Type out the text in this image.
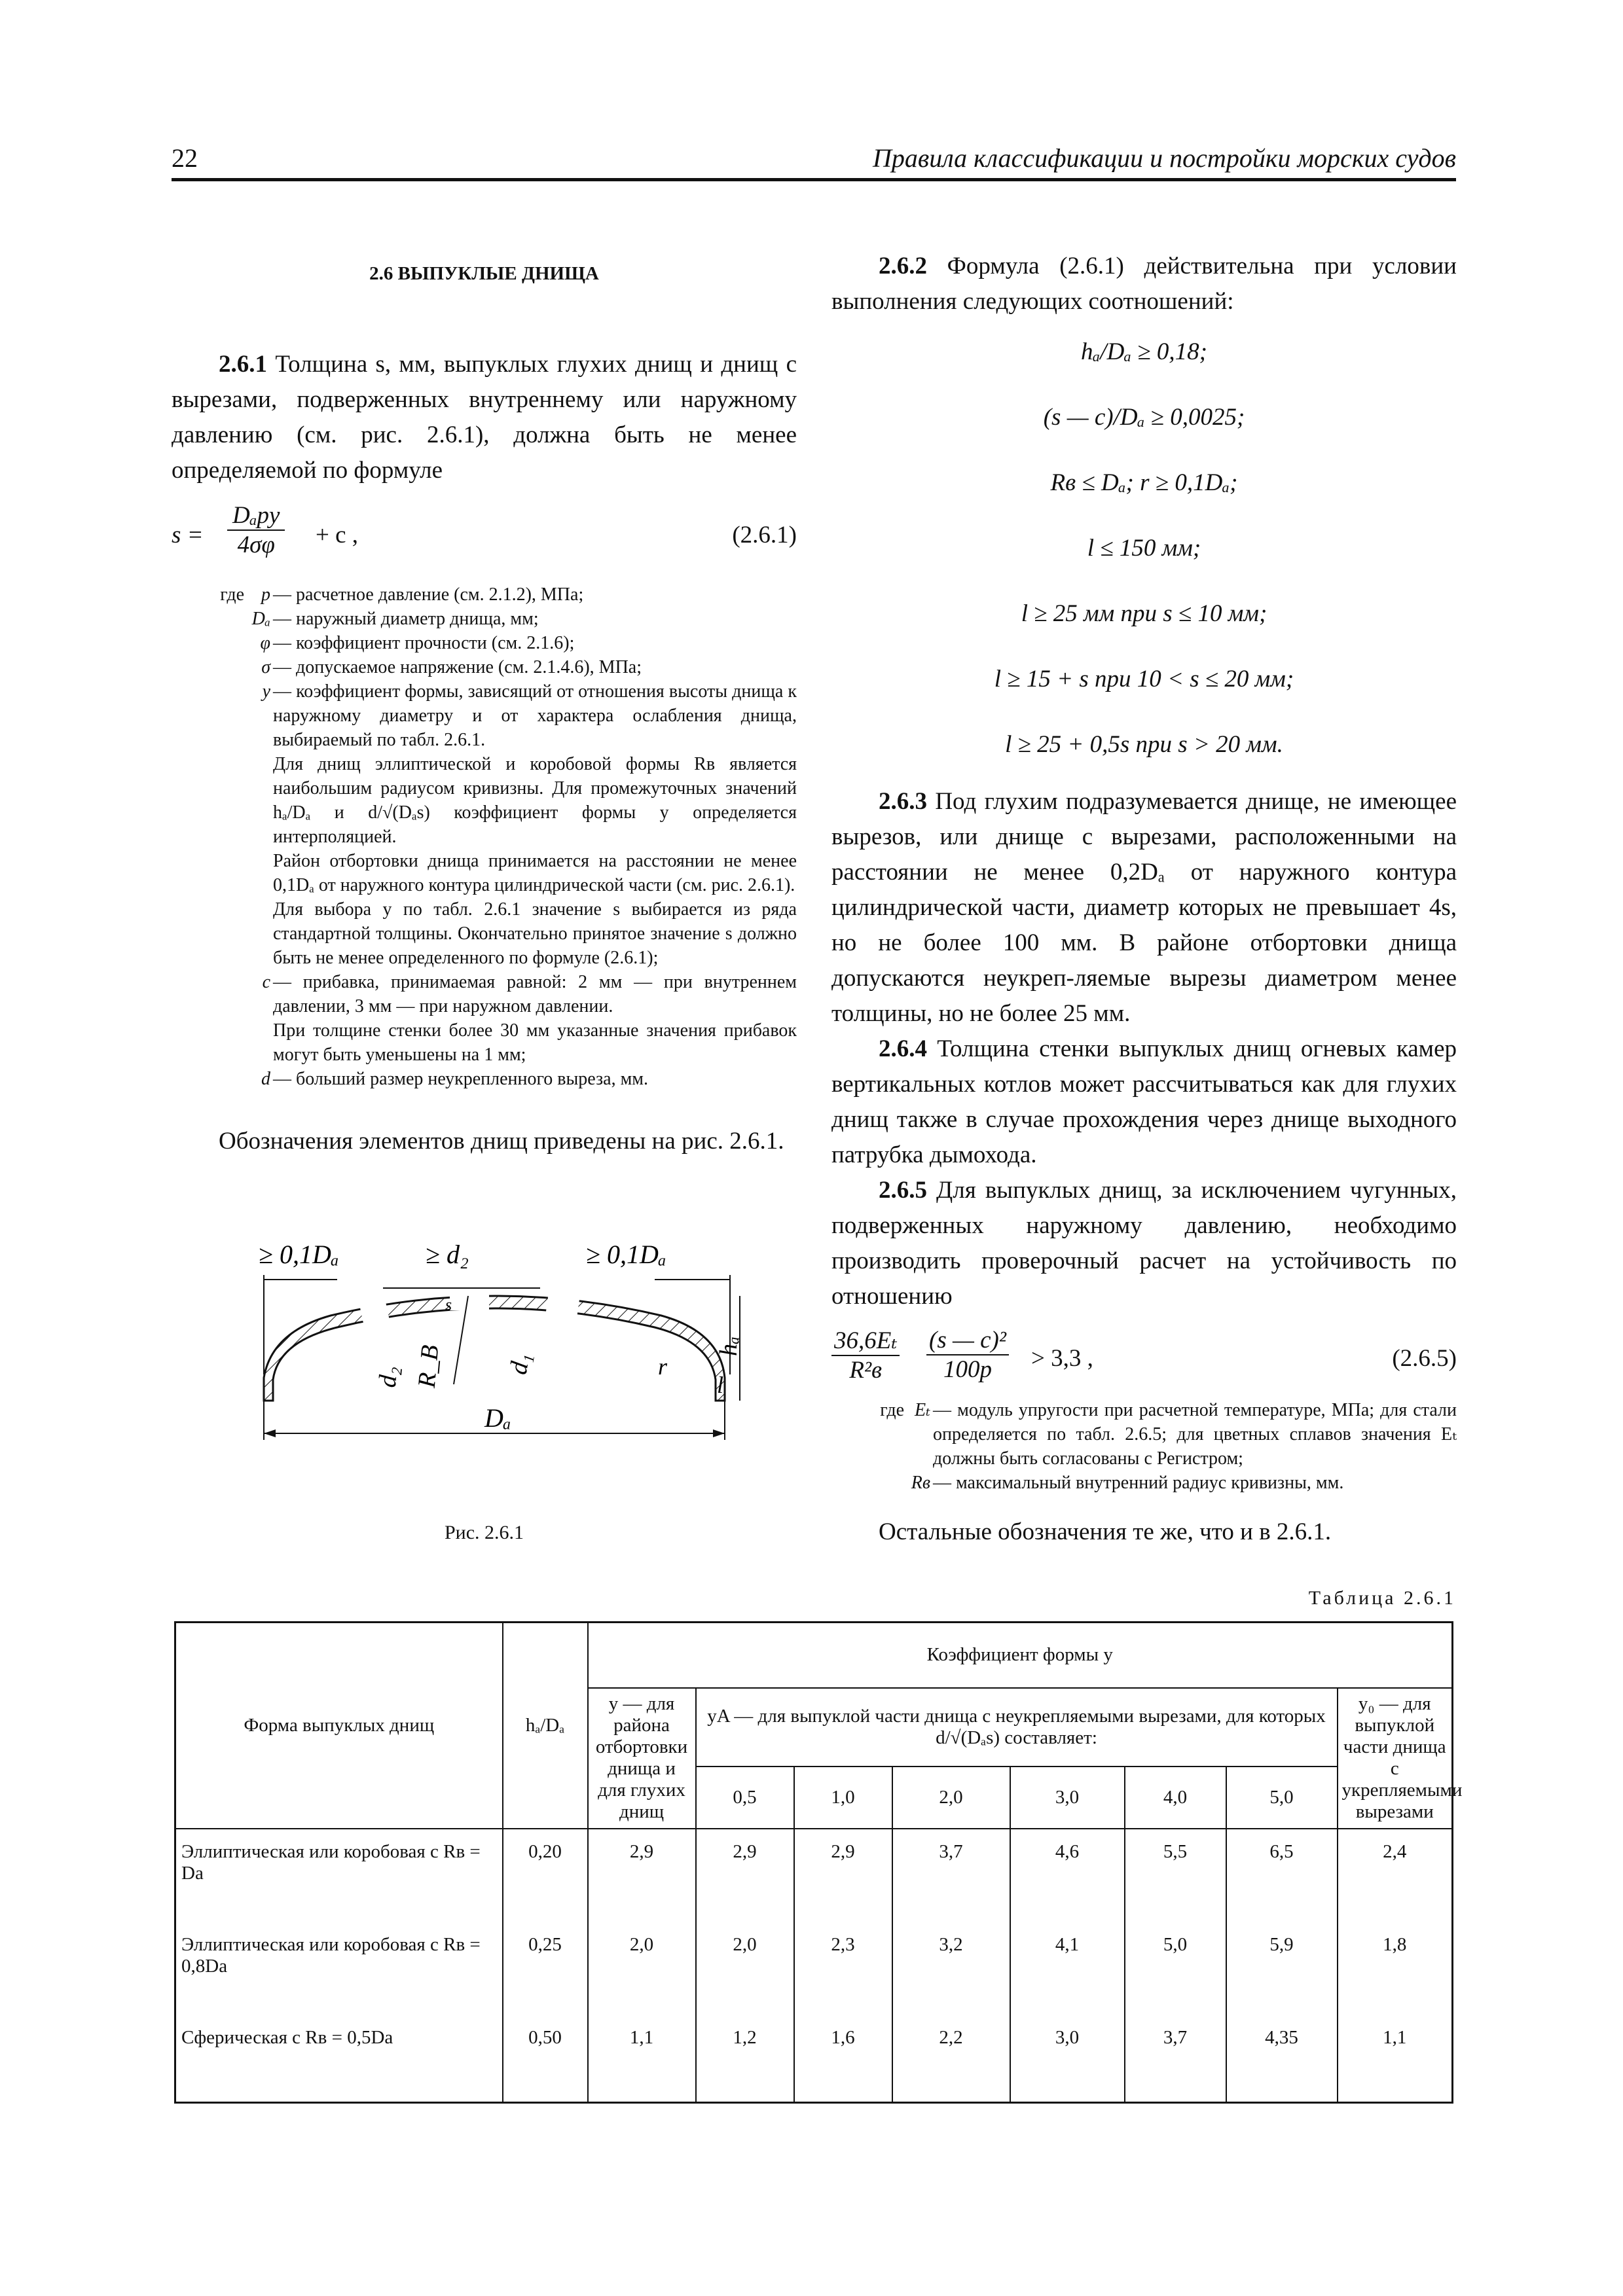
22	Правила классификации и постройки морских судов

2.6 ВЫПУКЛЫЕ ДНИЩА

2.6.1 Толщина s, мм, выпуклых глухих днищ и днищ с вырезами, подверженных внутреннему или наружному давлению (см. рис. 2.6.1), должна быть не менее определяемой по формуле

s =
Dₐpy
4σφ	+ c ,	(2.6.1)
где p — расчетное давление (см. 2.1.2), МПа;
Dₐ — наружный диаметр днища, мм;
φ — коэффициент прочности (см. 2.1.6);
σ — допускаемое напряжение (см. 2.1.4.6), МПа;
y — коэффициент формы, зависящий от отношения высоты днища к наружному диаметру и от характера ослабления днища, выбираемый по табл. 2.6.1.
Для днищ эллиптической и коробовой формы Rв является наибольшим радиусом кривизны. Для промежуточных значений hₐ/Dₐ и d/√(Dₐs) коэффициент формы y определяется интерполяцией.
Район отбортовки днища принимается на расстоянии не менее 0,1Dₐ от наружного контура цилиндрической части (см. рис. 2.6.1).
Для выбора y по табл. 2.6.1 значение s выбирается из ряда стандартной толщины. Окончательно принятое значение s должно быть не менее определенного по формуле (2.6.1);
c — прибавка, принимаемая равной: 2 мм — при внутреннем давлении, 3 мм — при наружном давлении.
При толщине стенки более 30 мм указанные значения прибавок могут быть уменьшены на 1 мм;
d — больший размер неукрепленного выреза, мм.

Обозначения элементов днищ приведены на рис. 2.6.1.

≥ 0,1Dₐ	≥ d₂	≥ 0,1Dₐ
s
d₂ R_B d₁	r
hₐ
l
Dₐ
Рис. 2.6.1

2.6.2 Формула (2.6.1) действительна при условии выполнения следующих соотношений:

hₐ/Dₐ ≥ 0,18;
(s — c)/Dₐ ≥ 0,0025;
Rв ≤ Dₐ; r ≥ 0,1Dₐ;
l ≤ 150 мм;
l ≥ 25 мм при s ≤ 10 мм;
l ≥ 15 + s при 10 < s ≤ 20 мм;
l ≥ 25 + 0,5s при s > 20 мм.

2.6.3 Под глухим подразумевается днище, не имеющее вырезов, или днище с вырезами, расположенными на расстоянии не менее 0,2Dₐ от наружного контура цилиндрической части, диаметр которых не превышает 4s, но не более 100 мм. В районе отбортовки днища допускаются неукреп-ляемые вырезы диаметром менее толщины, но не более 25 мм.

2.6.4 Толщина стенки выпуклых днищ огневых камер вертикальных котлов может рассчитываться как для глухих днищ также в случае прохождения через днище выходного патрубка дымохода.

2.6.5 Для выпуклых днищ, за исключением чугунных, подверженных наружному давлению, необходимо производить проверочный расчет на устойчивость по отношению

36,6Eₜ
R²в	$\frac{\text{(s — c)²}}{100p} > 3,3$ ,	(2.6.5)
где Eₜ — модуль упругости при расчетной температуре, МПа; для стали определяется по табл. 2.6.5; для цветных сплавов значения Eₜ должны быть согласованы с Регистром;
Rв — максимальный внутренний радиус кривизны, мм.

Остальные обозначения те же, что и в 2.6.1.

Таблица 2.6.1
Форма выпуклых днищ	hₐ/Dₐ	Коэффициент формы y							
		y — для района отбортовки днища и для глухих днищ	yA — для выпуклой части днища с неукрепляемыми вырезами, для которых d/√(Dₐs) составляет:						y₀ — для выпуклой части днища с укрепляемыми вырезами
			0,5	1,0	2,0	3,0	4,0	5,0	
Эллиптическая или коробовая с Rв = Dа	0,20	2,9	2,9	2,9	3,7	4,6	5,5	6,5	2,4
Эллиптическая или коробовая с Rв = 0,8Dа	0,25	2,0	2,0	2,3	3,2	4,1	5,0	5,9	1,8
Сферическая с Rв = 0,5Dа	0,50	1,1	1,2	1,6	2,2	3,0	3,7	4,35	1,1
